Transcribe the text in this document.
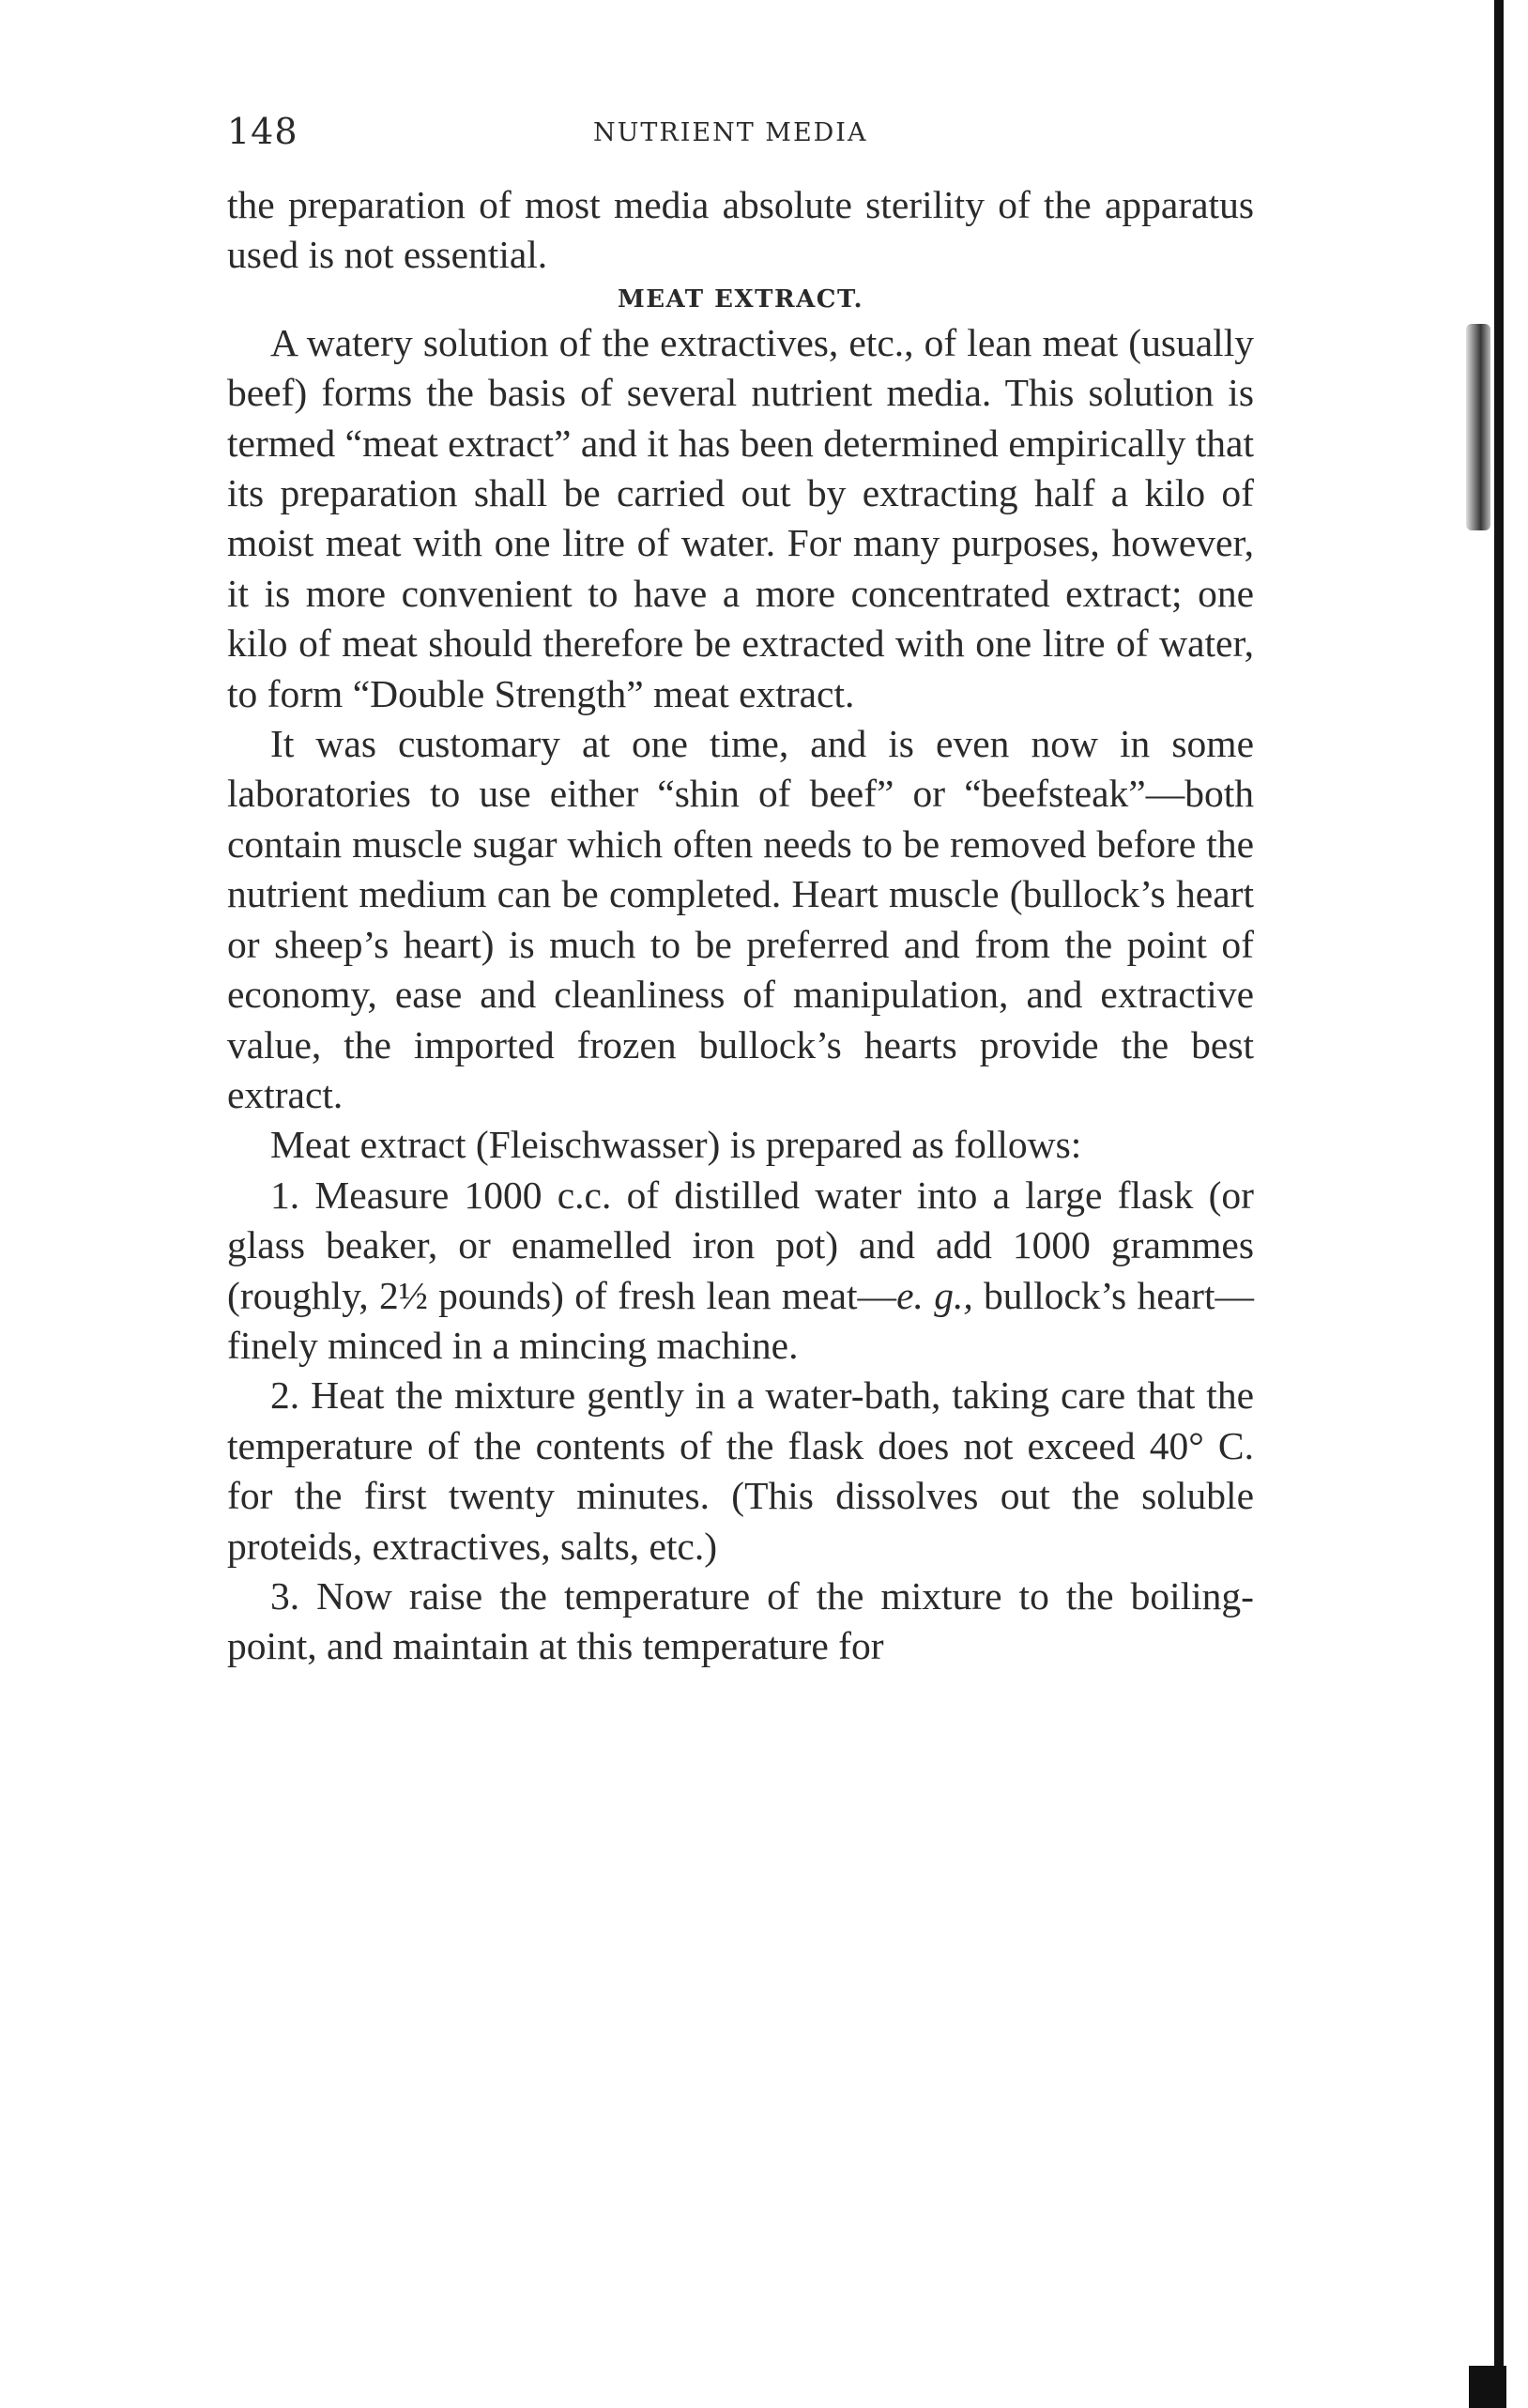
148	NUTRIENT MEDIA

the preparation of most media absolute sterility of the apparatus used is not essential.

MEAT EXTRACT.

A watery solution of the extractives, etc., of lean meat (usually beef) forms the basis of several nutrient media. This solution is termed “meat extract” and it has been determined empirically that its preparation shall be carried out by extracting half a kilo of moist meat with one litre of water. For many purposes, however, it is more convenient to have a more concentrated extract; one kilo of meat should therefore be extracted with one litre of water, to form “Double Strength” meat extract.

It was customary at one time, and is even now in some laboratories to use either “shin of beef” or “beefsteak”—both contain muscle sugar which often needs to be removed before the nutrient medium can be completed. Heart muscle (bullock’s heart or sheep’s heart) is much to be preferred and from the point of economy, ease and cleanliness of manipulation, and extractive value, the imported frozen bullock’s hearts provide the best extract.

Meat extract (Fleischwasser) is prepared as follows:

1. Measure 1000 c.c. of distilled water into a large flask (or glass beaker, or enamelled iron pot) and add 1000 grammes (roughly, 2½ pounds) of fresh lean meat—e. g., bullock’s heart—finely minced in a mincing machine.

2. Heat the mixture gently in a water-bath, taking care that the temperature of the contents of the flask does not exceed 40° C. for the first twenty minutes. (This dissolves out the soluble proteids, extractives, salts, etc.)

3. Now raise the temperature of the mixture to the boiling-point, and maintain at this temperature for
